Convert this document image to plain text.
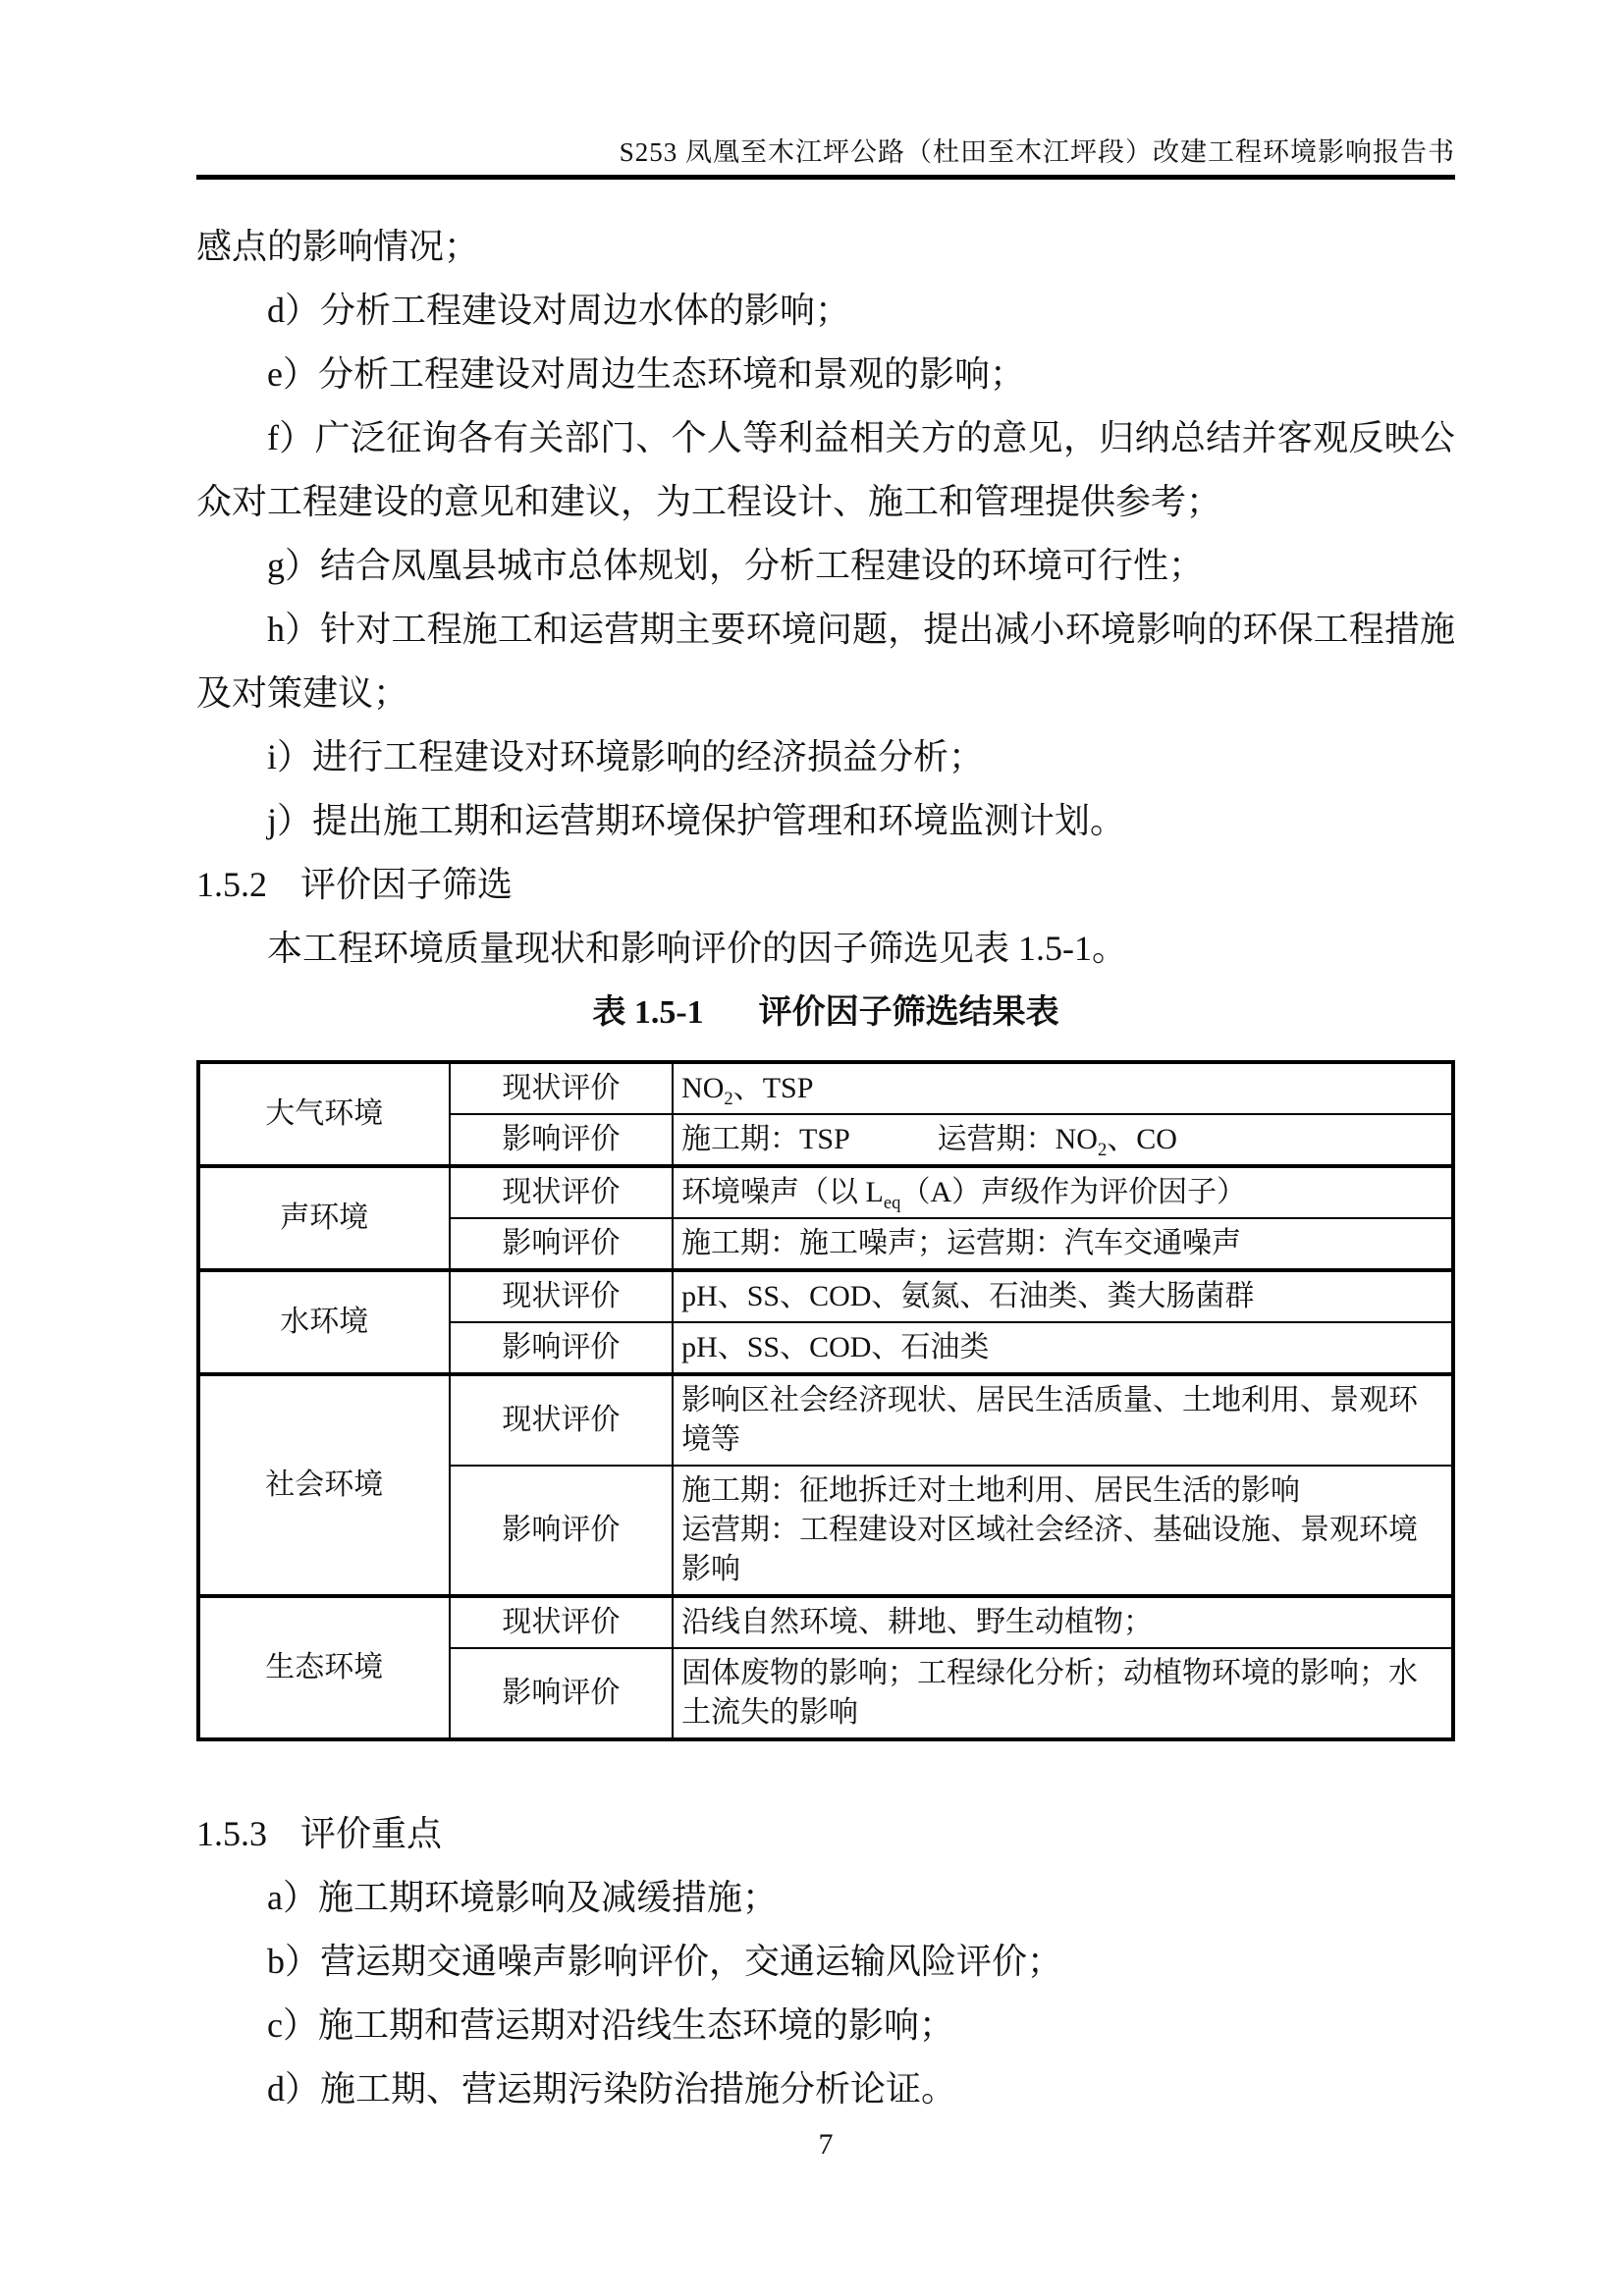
S253 凤凰至木江坪公路（杜田至木江坪段）改建工程环境影响报告书

感点的影响情况；

d）分析工程建设对周边水体的影响；

e）分析工程建设对周边生态环境和景观的影响；

f）广泛征询各有关部门、个人等利益相关方的意见，归纳总结并客观反映公众对工程建设的意见和建议，为工程设计、施工和管理提供参考；

g）结合凤凰县城市总体规划，分析工程建设的环境可行性；

h）针对工程施工和运营期主要环境问题，提出减小环境影响的环保工程措施及对策建议；

i）进行工程建设对环境影响的经济损益分析；

j）提出施工期和运营期环境保护管理和环境监测计划。

1.5.2 评价因子筛选

本工程环境质量现状和影响评价的因子筛选见表 1.5-1。

表 1.5-1 评价因子筛选结果表

大气环境	现状评价	$NO_2$、TSP
	影响评价	施工期：TSP　　　运营期：$NO_2$、CO
声环境	现状评价	环境噪声（以 $L_{eq}(A)$声级作为评价因子）
	影响评价	施工期：施工噪声；运营期：汽车交通噪声
水环境	现状评价	pH、SS、COD、氨氮、石油类、粪大肠菌群
	影响评价	pH、SS、COD、石油类
社会环境	现状评价	影响区社会经济现状、居民生活质量、土地利用、景观环境等
	影响评价	施工期：征地拆迁对土地利用、居民生活的影响
运营期：工程建设对区域社会经济、基础设施、景观环境影响
生态环境	现状评价	沿线自然环境、耕地、野生动植物；
	影响评价	固体废物的影响；工程绿化分析；动植物环境的影响；水土流失的影响
1.5.3 评价重点

a）施工期环境影响及减缓措施；

b）营运期交通噪声影响评价，交通运输风险评价；

c）施工期和营运期对沿线生态环境的影响；

d）施工期、营运期污染防治措施分析论证。

7
